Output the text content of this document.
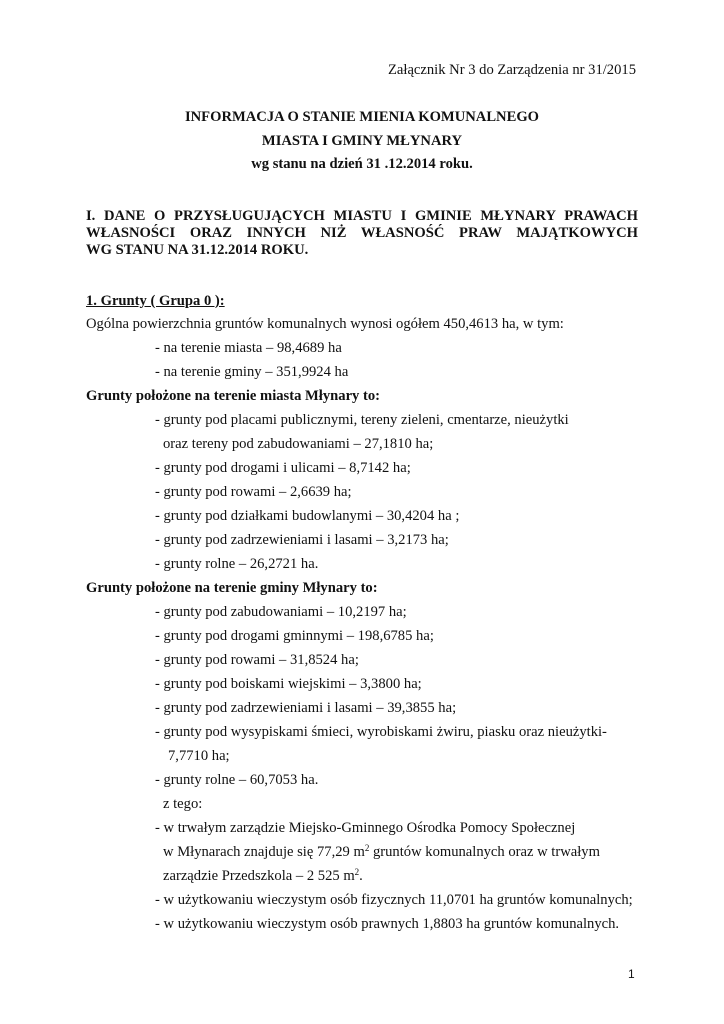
Załącznik Nr 3 do Zarządzenia nr 31/2015
INFORMACJA O STANIE MIENIA KOMUNALNEGO
MIASTA I GMINY MŁYNARY
wg stanu na dzień 31 .12.2014 roku.
I. DANE O PRZYSŁUGUJĄCYCH MIASTU I GMINIE MŁYNARY PRAWACH
WŁASNOŚCI ORAZ INNYCH NIŻ WŁASNOŚĆ PRAW MAJĄTKOWYCH
WG STANU NA 31.12.2014 ROKU.
1. Grunty ( Grupa 0 ):
Ogólna powierzchnia gruntów komunalnych wynosi ogółem 450,4613 ha, w tym:
- na terenie miasta – 98,4689 ha
- na terenie gminy – 351,9924 ha
Grunty położone na terenie miasta Młynary to:
- grunty pod placami publicznymi, tereny zieleni, cmentarze, nieużytki
oraz tereny pod zabudowaniami – 27,1810 ha;
- grunty pod drogami i ulicami – 8,7142 ha;
- grunty pod rowami – 2,6639 ha;
- grunty pod działkami budowlanymi – 30,4204 ha ;
- grunty pod zadrzewieniami i lasami – 3,2173 ha;
- grunty rolne – 26,2721 ha.
Grunty położone na terenie gminy Młynary to:
- grunty pod zabudowaniami – 10,2197 ha;
- grunty pod drogami gminnymi – 198,6785 ha;
- grunty pod rowami – 31,8524 ha;
- grunty pod boiskami wiejskimi – 3,3800 ha;
- grunty pod zadrzewieniami i lasami – 39,3855 ha;
- grunty pod wysypiskami śmieci, wyrobiskami żwiru, piasku oraz nieużytki-
7,7710 ha;
- grunty rolne – 60,7053 ha.
z tego:
- w trwałym zarządzie Miejsko-Gminnego Ośrodka Pomocy Społecznej
w Młynarach znajduje się 77,29 $m^2$ gruntów komunalnych oraz w trwałym
zarządzie Przedszkola – 2 525 $m^2$.
- w użytkowaniu wieczystym osób fizycznych 11,0701 ha gruntów komunalnych;
- w użytkowaniu wieczystym osób prawnych 1,8803 ha gruntów komunalnych.
1
